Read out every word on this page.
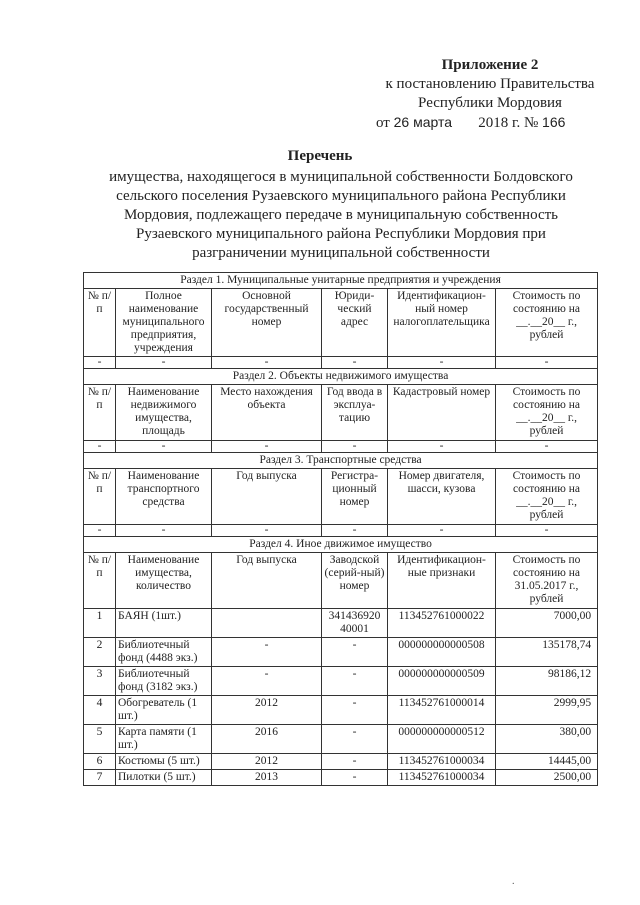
Приложение 2
к постановлению Правительства
Республики Мордовия
от 26 марта 2018 г. № 166
Перечень
имущества, находящегося в муниципальной собственности Болдовского сельского поселения Рузаевского муниципального района Республики Мордовия, подлежащего передаче в муниципальную собственность Рузаевского муниципального района Республики Мордовия при разграничении муниципальной собственности
Раздел 1. Муниципальные унитарные предприятия и учреждения					
№ п/п	Полное наименование муниципального предприятия, учреждения	Основной государственный номер	Юриди-ческий адрес	Идентификацион-ный номер налогоплательщика	Стоимость по состоянию на __.__20__ г., рублей
-	-	-	-	-	-
Раздел 2. Объекты недвижимого имущества					
№ п/п	Наименование недвижимого имущества, площадь	Место нахождения объекта	Год ввода в эксплуа-тацию	Кадастровый номер	Стоимость по состоянию на __.__20__ г., рублей
-	-	-	-	-	-
Раздел 3. Транспортные средства					
№ п/п	Наименование транспортного средства	Год выпуска	Регистра-ционный номер	Номер двигателя, шасси, кузова	Стоимость по состоянию на __.__20__ г., рублей
-	-	-	-	-	-
Раздел 4. Иное движимое имущество					
№ п/п	Наименование имущества, количество	Год выпуска	Заводской (серий-ный) номер	Идентификацион-ные признаки	Стоимость по состоянию на 31.05.2017 г., рублей
1	БАЯН (1шт.)		341436920 40001	113452761000022	7000,00
2	Библиотечный фонд (4488 экз.)	-	-	000000000000508	135178,74
3	Библиотечный фонд (3182 экз.)	-	-	000000000000509	98186,12
4	Обогреватель (1 шт.)	2012	-	113452761000014	2999,95
5	Карта памяти (1 шт.)	2016	-	000000000000512	380,00
6	Костюмы (5 шт.)	2012	-	113452761000034	14445,00
7	Пилотки (5 шт.)	2013	-	113452761000034	2500,00
.
